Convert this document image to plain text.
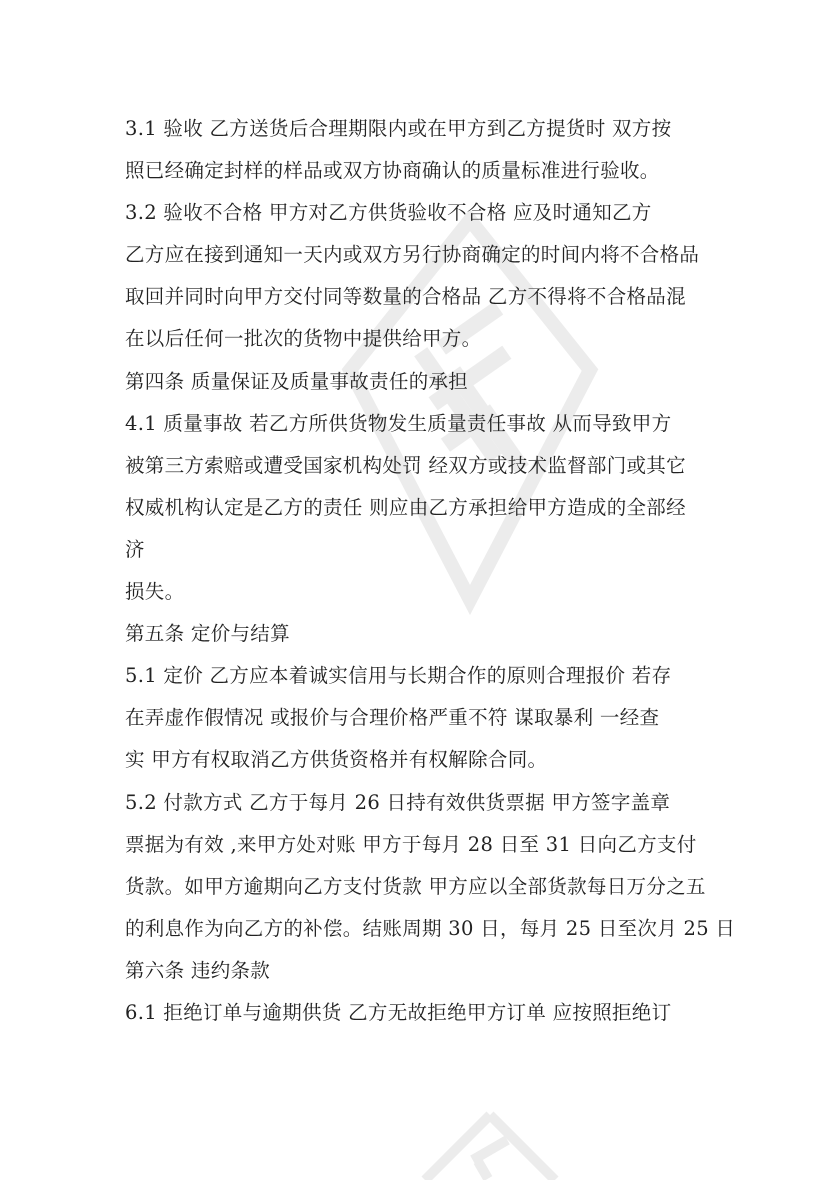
3.1 验收 乙方送货后合理期限内或在甲方到乙方提货时 双方按
照已经确定封样的样品或双方协商确认的质量标准进行验收。
3.2 验收不合格 甲方对乙方供货验收不合格 应及时通知乙方
乙方应在接到通知一天内或双方另行协商确定的时间内将不合格品
取回并同时向甲方交付同等数量的合格品 乙方不得将不合格品混
在以后任何一批次的货物中提供给甲方。
第四条 质量保证及质量事故责任的承担
4.1 质量事故 若乙方所供货物发生质量责任事故 从而导致甲方
被第三方索赔或遭受国家机构处罚 经双方或技术监督部门或其它
权威机构认定是乙方的责任 则应由乙方承担给甲方造成的全部经
济
损失。
第五条 定价与结算
5.1 定价 乙方应本着诚实信用与长期合作的原则合理报价 若存
在弄虚作假情况 或报价与合理价格严重不符 谋取暴利 一经查
实 甲方有权取消乙方供货资格并有权解除合同。
5.2 付款方式 乙方于每月 26 日持有效供货票据 甲方签字盖章
票据为有效 ,来甲方处对账 甲方于每月 28 日至 31 日向乙方支付
货款。如甲方逾期向乙方支付货款 甲方应以全部货款每日万分之五
的利息作为向乙方的补偿。结账周期 30 日，每月 25 日至次月 25 日
第六条 违约条款
6.1 拒绝订单与逾期供货 乙方无故拒绝甲方订单 应按照拒绝订
